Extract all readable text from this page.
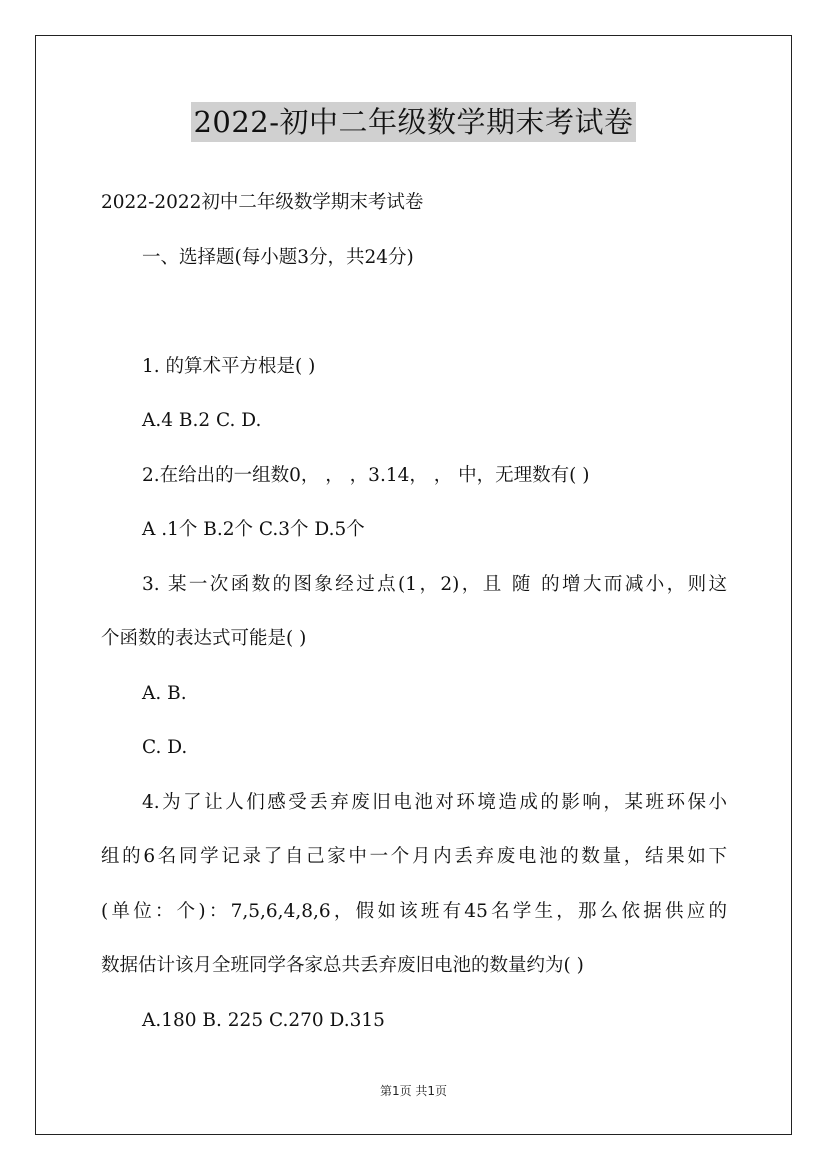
2022-初中二年级数学期末考试卷

2022-2022初中二年级数学期末考试卷

一、选择题(每小题3分，共24分)

1. 的算术平方根是( )

A.4 B.2 C. D.

2.在给出的一组数0， ， ，3.14， ， 中，无理数有( )

A .1个 B.2个 C.3个 D.5个

3. 某一次函数的图象经过点(1，2)，且 随 的增大而减小，则这

个函数的表达式可能是( )

A. B.

C. D.

4.为了让人们感受丢弃废旧电池对环境造成的影响，某班环保小

组的6名同学记录了自己家中一个月内丢弃废电池的数量，结果如下

(单位：个)：7,5,6,4,8,6，假如该班有45名学生，那么依据供应的

数据估计该月全班同学各家总共丢弃废旧电池的数量约为( )

A.180 B. 225 C.270 D.315

第1页 共1页
